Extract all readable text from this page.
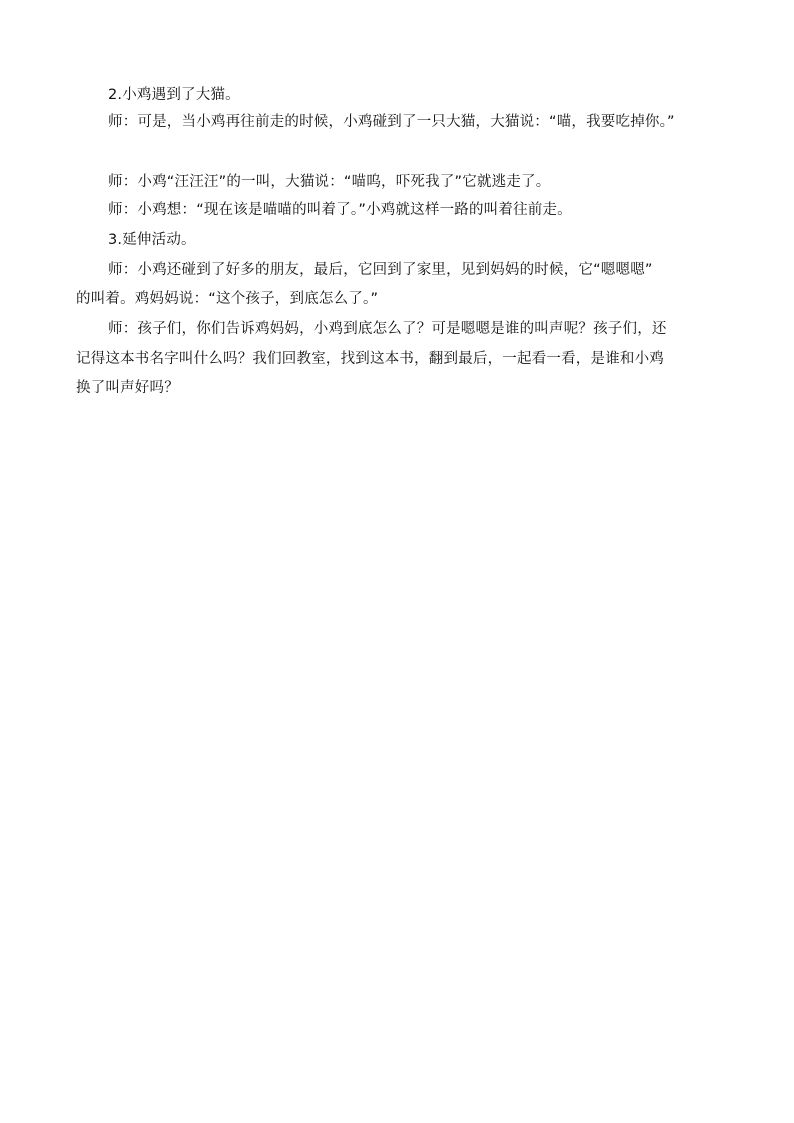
2.小鸡遇到了大猫。
师：可是，当小鸡再往前走的时候，小鸡碰到了一只大猫，大猫说：“喵，我要吃掉你。”
师：小鸡“汪汪汪”的一叫，大猫说：“喵呜，吓死我了”它就逃走了。
师：小鸡想：“现在该是喵喵的叫着了。”小鸡就这样一路的叫着往前走。
3.延伸活动。
师：小鸡还碰到了好多的朋友，最后，它回到了家里，见到妈妈的时候，它“嗯嗯嗯”
的叫着。鸡妈妈说：“这个孩子，到底怎么了。”
师：孩子们，你们告诉鸡妈妈，小鸡到底怎么了？可是嗯嗯是谁的叫声呢？孩子们，还
记得这本书名字叫什么吗？我们回教室，找到这本书，翻到最后，一起看一看，是谁和小鸡
换了叫声好吗？
